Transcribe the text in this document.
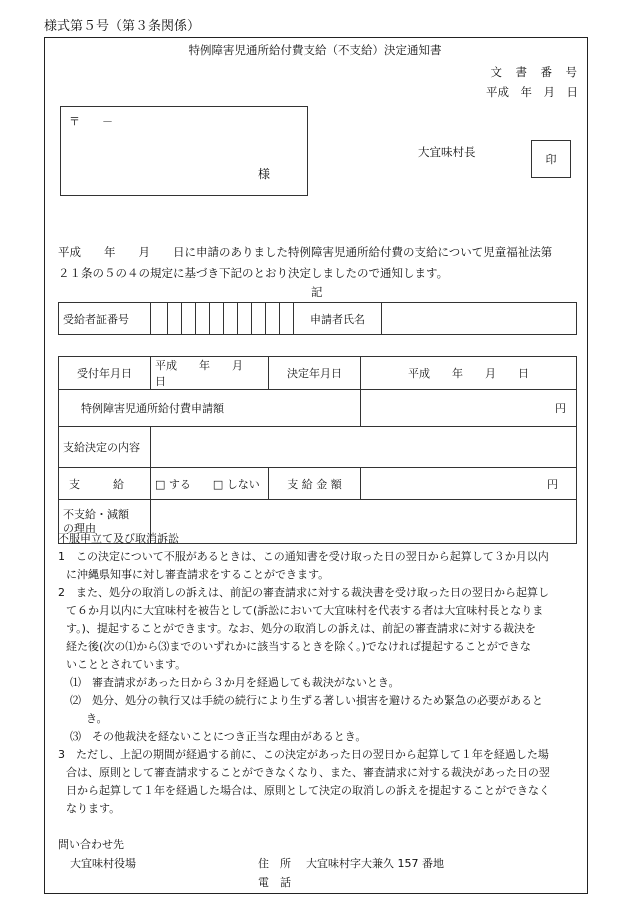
様式第５号（第３条関係）
特例障害児通所給付費支給（不支給）決定通知書
文　書　番　号
平成　年　月　日
〒　　－
様
大宜味村長
印
平成　　年　　月　　日に申請のありました特例障害児通所給付費の支給について児童福祉法第
２１条の５の４の規定に基づき下記のとおり決定しましたので通知します。
記
受給者証番号											申請者氏名	
受付年月日	平成　　年　　月　　日	決定年月日	平成　　年　　月　　日
特例障害児通所給付費申請額			円
支給決定の内容			
支　　　給	□ する　　□ しない	支 給 金 額	円
不支給・減額
の理由			
不服申立て及び取消訴訟
1　この決定について不服があるときは、この通知書を受け取った日の翌日から起算して３か月以内
に沖縄県知事に対し審査請求をすることができます。
2　また、処分の取消しの訴えは、前記の審査請求に対する裁決書を受け取った日の翌日から起算し
て６か月以内に大宜味村を被告として(訴訟において大宜味村を代表する者は大宜味村長となりま
す。)、提起することができます。なお、処分の取消しの訴えは、前記の審査請求に対する裁決を
経た後(次の⑴から⑶までのいずれかに該当するときを除く。)でなければ提起することができな
いこととされています。
⑴　審査請求があった日から３か月を経過しても裁決がないとき。
⑵　処分、処分の執行又は手続の続行により生ずる著しい損害を避けるため緊急の必要があると
き。
⑶　その他裁決を経ないことにつき正当な理由があるとき。
3　ただし、上記の期間が経過する前に、この決定があった日の翌日から起算して１年を経過した場
合は、原則として審査請求することができなくなり、また、審査請求に対する裁決があった日の翌
日から起算して１年を経過した場合は、原則として決定の取消しの訴えを提起することができなく
なります。
問い合わせ先
大宜味村役場	住　所 大宜味村字大兼久 157 番地
電　話
